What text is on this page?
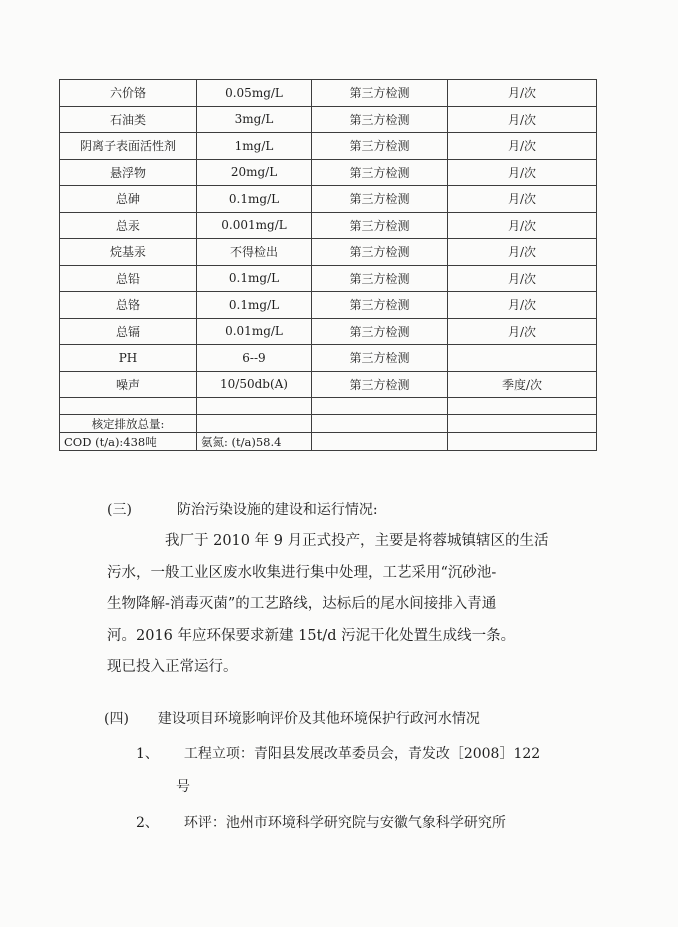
六价铬	0.05mg/L	第三方检测	月/次
石油类	3mg/L	第三方检测	月/次
阴离子表面活性剂	1mg/L	第三方检测	月/次
悬浮物	20mg/L	第三方检测	月/次
总砷	0.1mg/L	第三方检测	月/次
总汞	0.001mg/L	第三方检测	月/次
烷基汞	不得检出	第三方检测	月/次
总铅	0.1mg/L	第三方检测	月/次
总铬	0.1mg/L	第三方检测	月/次
总镉	0.01mg/L	第三方检测	月/次
PH	6--9	第三方检测	
噪声	10/50db(A)	第三方检测	季度/次

核定排放总量:			
COD (t/a):438吨	氨氮: (t/a)58.4		
(三)	防治污染设施的建设和运行情况:
我厂于 2010 年 9 月正式投产，主要是将蓉城镇辖区的生活
污水，一般工业区废水收集进行集中处理，工艺采用“沉砂池-
生物降解-消毒灭菌”的工艺路线，达标后的尾水间接排入青通
河。2016 年应环保要求新建 15t/d 污泥干化处置生成线一条。
现已投入正常运行。
(四) 建设项目环境影响评价及其他环境保护行政河水情况
1、 工程立项：青阳县发展改革委员会，青发改［2008］122
号
2、 环评：池州市环境科学研究院与安徽气象科学研究所
